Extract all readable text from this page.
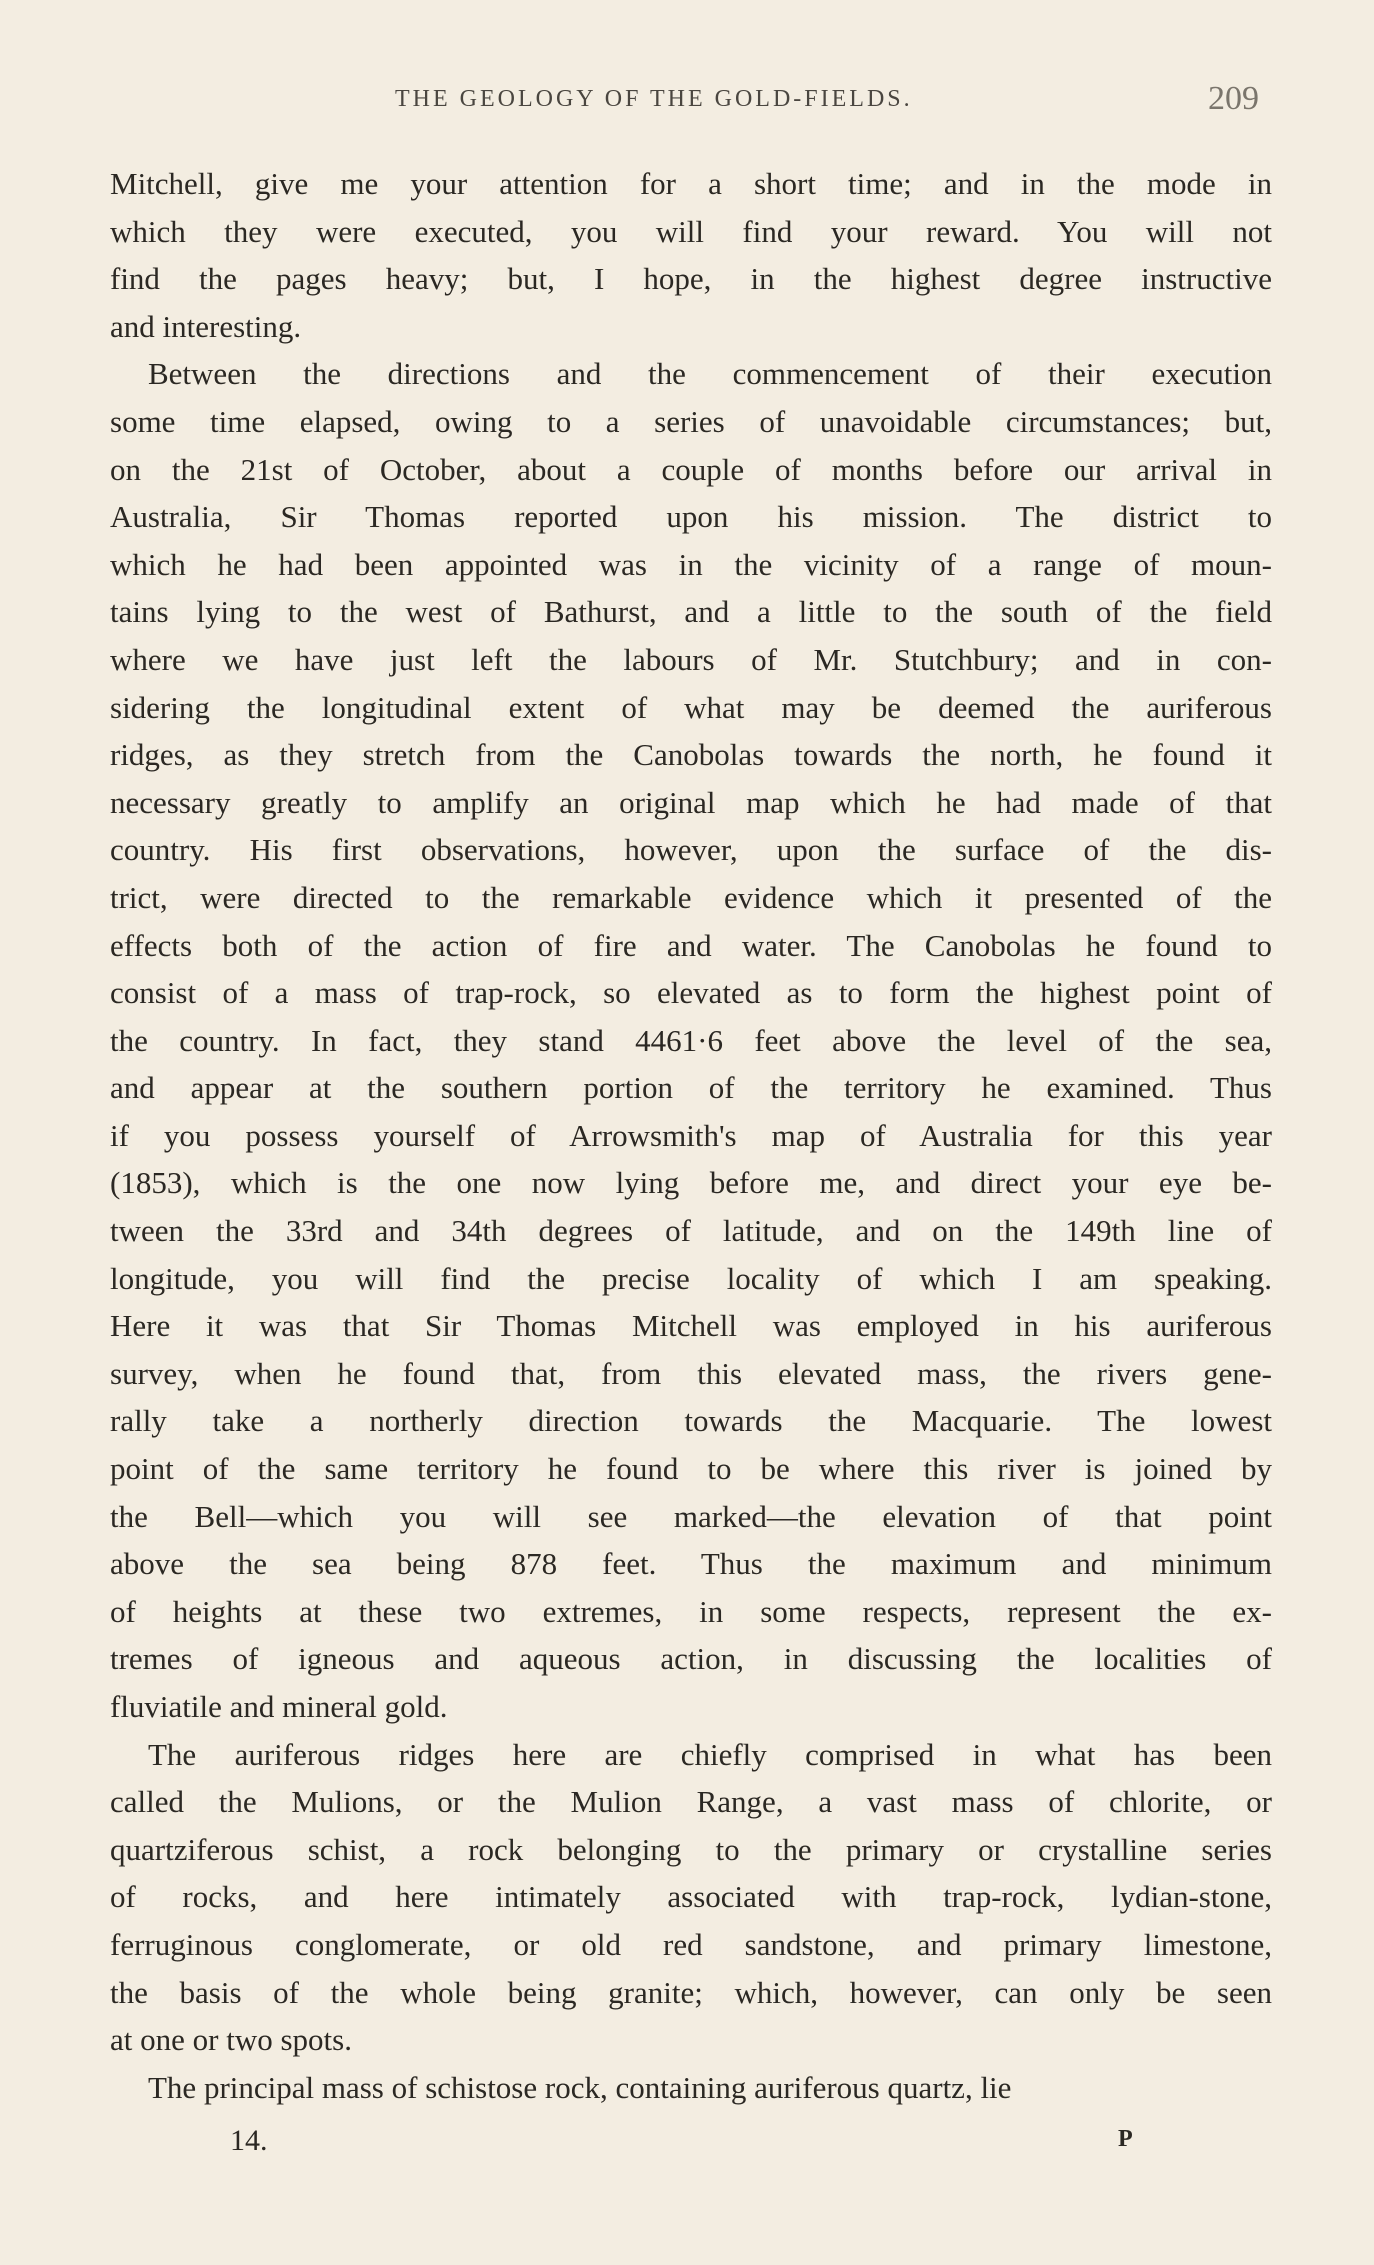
THE GEOLOGY OF THE GOLD-FIELDS.	209
Mitchell, give me your attention for a short time; and in the mode in
which they were executed, you will find your reward. You will not
find the pages heavy; but, I hope, in the highest degree instructive
and interesting.
Between the directions and the commencement of their execution
some time elapsed, owing to a series of unavoidable circumstances; but,
on the 21st of October, about a couple of months before our arrival in
Australia, Sir Thomas reported upon his mission. The district to
which he had been appointed was in the vicinity of a range of moun-
tains lying to the west of Bathurst, and a little to the south of the field
where we have just left the labours of Mr. Stutchbury; and in con-
sidering the longitudinal extent of what may be deemed the auriferous
ridges, as they stretch from the Canobolas towards the north, he found it
necessary greatly to amplify an original map which he had made of that
country. His first observations, however, upon the surface of the dis-
trict, were directed to the remarkable evidence which it presented of the
effects both of the action of fire and water. The Canobolas he found to
consist of a mass of trap-rock, so elevated as to form the highest point of
the country. In fact, they stand 4461·6 feet above the level of the sea,
and appear at the southern portion of the territory he examined. Thus
if you possess yourself of Arrowsmith's map of Australia for this year
(1853), which is the one now lying before me, and direct your eye be-
tween the 33rd and 34th degrees of latitude, and on the 149th line of
longitude, you will find the precise locality of which I am speaking.
Here it was that Sir Thomas Mitchell was employed in his auriferous
survey, when he found that, from this elevated mass, the rivers gene-
rally take a northerly direction towards the Macquarie. The lowest
point of the same territory he found to be where this river is joined by
the Bell—which you will see marked—the elevation of that point
above the sea being 878 feet. Thus the maximum and minimum
of heights at these two extremes, in some respects, represent the ex-
tremes of igneous and aqueous action, in discussing the localities of
fluviatile and mineral gold.
The auriferous ridges here are chiefly comprised in what has been
called the Mulions, or the Mulion Range, a vast mass of chlorite, or
quartziferous schist, a rock belonging to the primary or crystalline series
of rocks, and here intimately associated with trap-rock, lydian-stone,
ferruginous conglomerate, or old red sandstone, and primary limestone,
the basis of the whole being granite; which, however, can only be seen
at one or two spots.
The principal mass of schistose rock, containing auriferous quartz, lie
14.	P
